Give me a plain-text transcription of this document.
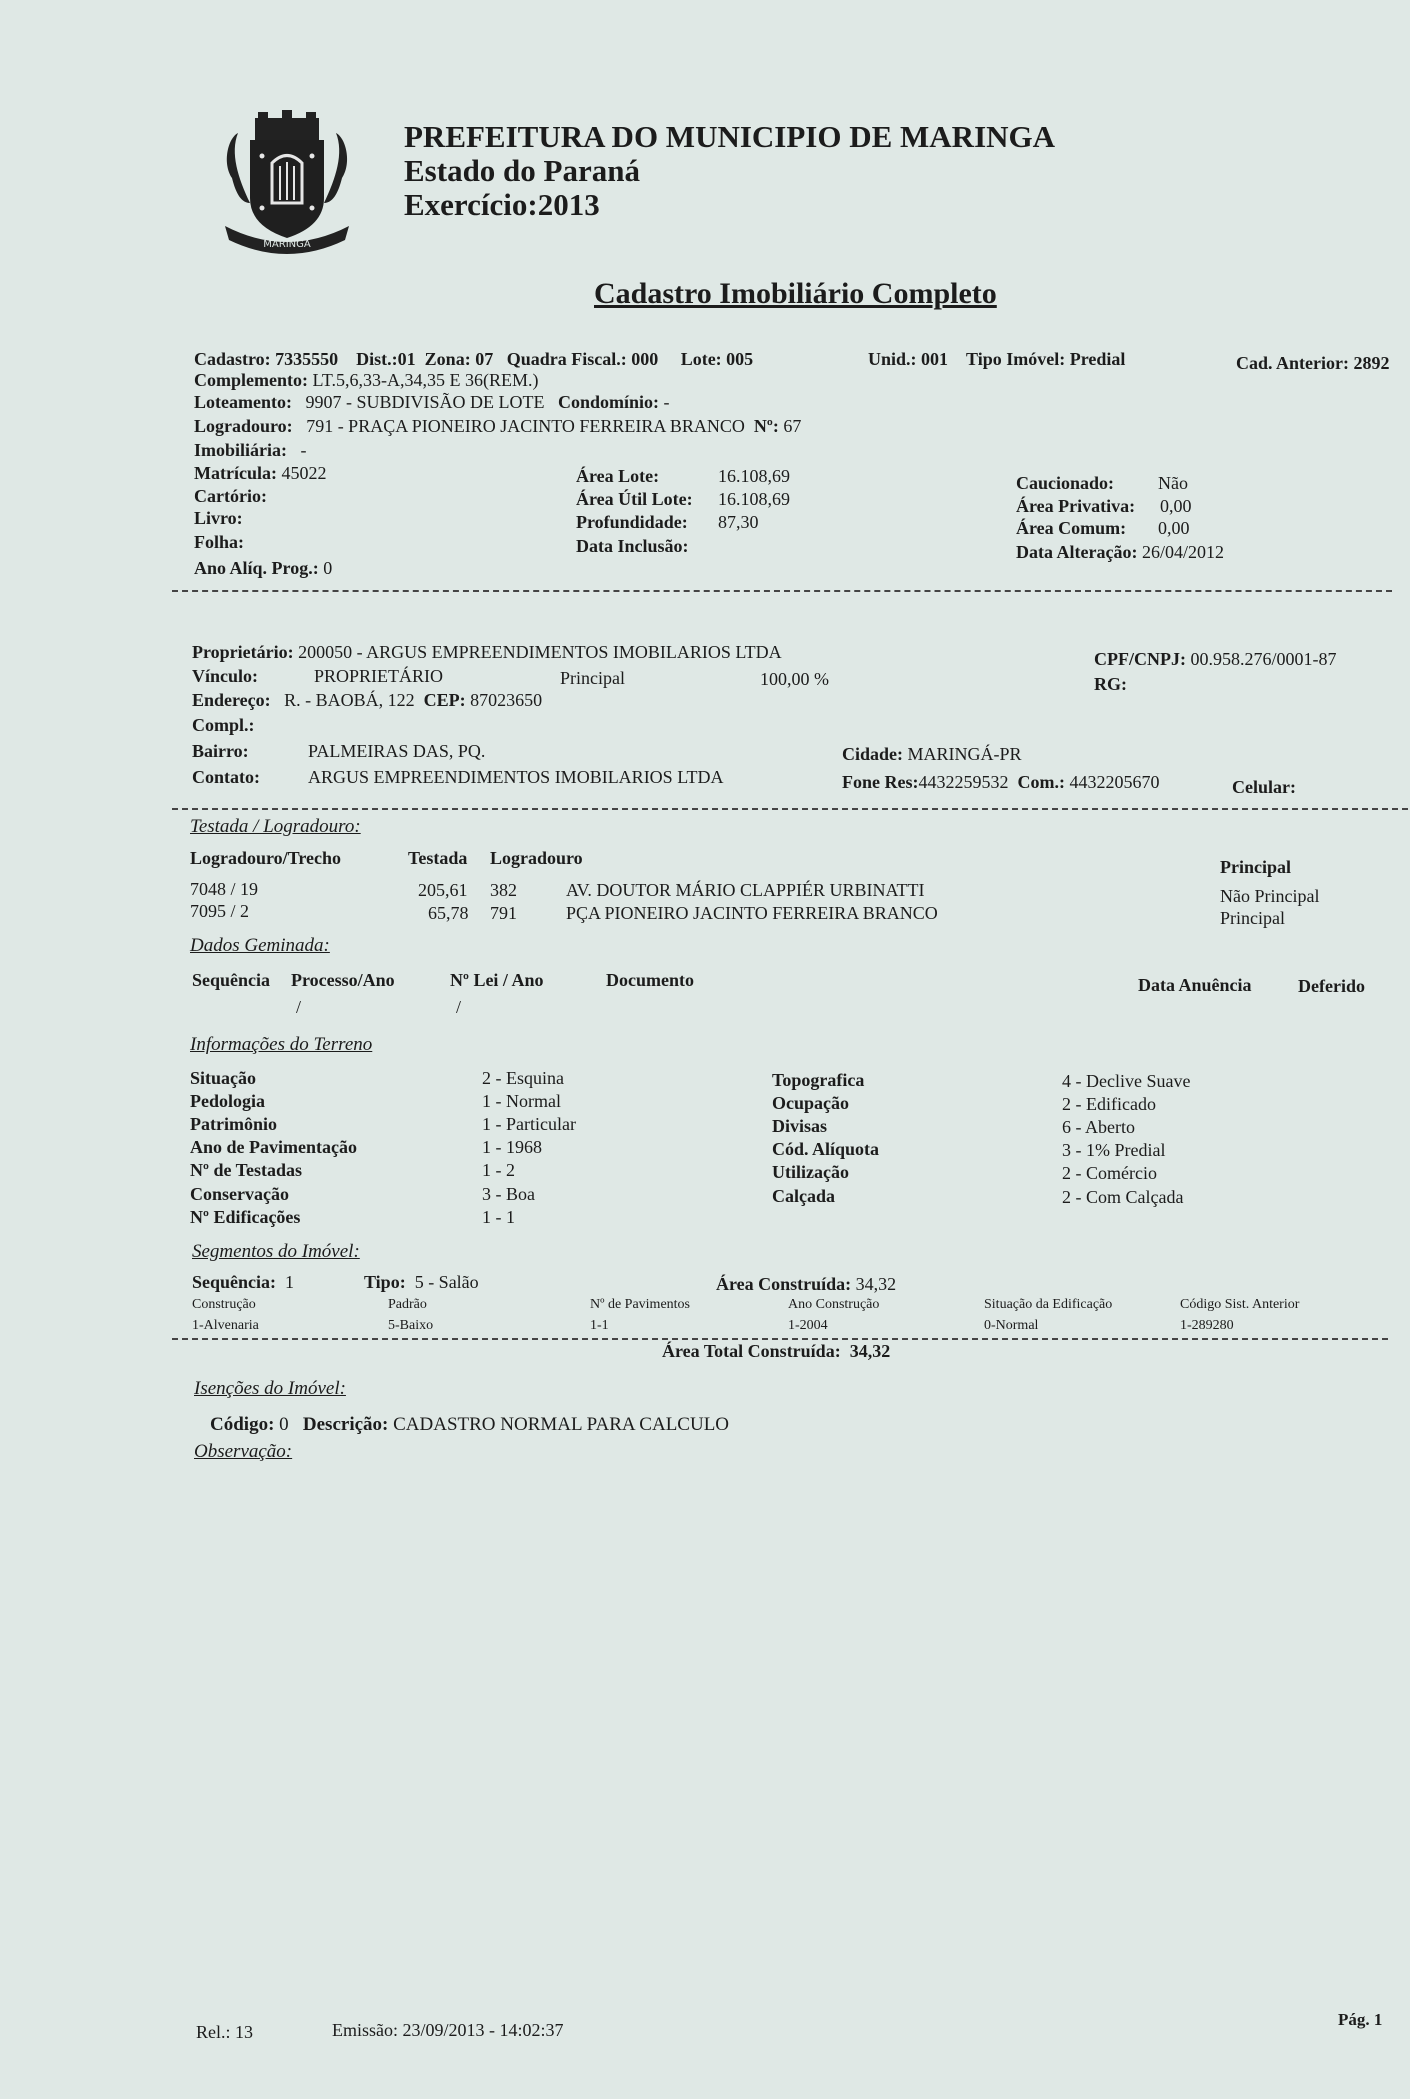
MARINGÁ
PREFEITURA DO MUNICIPIO DE MARINGA
Estado do Paraná
Exercício:2013
Cadastro Imobiliário Completo
Cadastro: 7335550 Dist.:01 Zona: 07 Quadra Fiscal.: 000 Lote: 005	Unid.: 001 Tipo Imóvel: Predial	Cad. Anterior: 2892
Complemento: LT.5,6,33-A,34,35 E 36(REM.)
Loteamento: 9907 - SUBDIVISÃO DE LOTE Condomínio: -
Logradouro: 791 - PRAÇA PIONEIRO JACINTO FERREIRA BRANCO Nº: 67
Imobiliária: -
Matrícula: 45022
Cartório:
Livro:
Folha:
Ano Alíq. Prog.: 0
Área Lote:	16.108,69
Área Útil Lote: 16.108,69
Profundidade: 87,30
Data Inclusão:
Caucionado: Não
Área Privativa: 0,00
Área Comum: 0,00
Data Alteração: 26/04/2012
Proprietário: 200050 - ARGUS EMPREENDIMENTOS IMOBILARIOS LTDA	CPF/CNPJ: 00.958.276/0001-87
Vínculo:	PROPRIETÁRIO	Principal	100,00 %	RG:
Endereço: R. - BAOBÁ, 122 CEP: 87023650
Compl.:
Bairro:	PALMEIRAS DAS, PQ.	Cidade: MARINGÁ-PR
Contato:	ARGUS EMPREENDIMENTOS IMOBILARIOS LTDA	Fone Res:4432259532 Com.: 4432205670	Celular:
Testada / Logradouro:
Logradouro/Trecho	Testada Logradouro	Principal
7048 / 19	205,61 382	AV. DOUTOR MÁRIO CLAPPIÉR URBINATTI	Não Principal
7095 / 2	65,78 791	PÇA PIONEIRO JACINTO FERREIRA BRANCO	Principal
Dados Geminada:
Sequência Processo/Ano	Nº Lei / Ano	Documento	Data Anuência	Deferido
/	/
Informações do Terreno
Situação	2 - Esquina
Pedologia	1 - Normal
Patrimônio	1 - Particular
Ano de Pavimentação	1 - 1968
Nº de Testadas	1 - 2
Conservação	3 - Boa
Nº Edificações	1 - 1
Topografica	4 - Declive Suave
Ocupação	2 - Edificado
Divisas	6 - Aberto
Cód. Alíquota	3 - 1% Predial
Utilização	2 - Comércio
Calçada	2 - Com Calçada
Segmentos do Imóvel:
Sequência: 1	Tipo: 5 - Salão	Área Construída: 34,32
Construção	Padrão	Nº de Pavimentos	Ano Construção	Situação da Edificação	Código Sist. Anterior
1-Alvenaria	5-Baixo	1-1	1-2004	0-Normal	1-289280
Área Total Construída: 34,32
Isenções do Imóvel:
Código: 0 Descrição: CADASTRO NORMAL PARA CALCULO
Observação:
Rel.: 13	Emissão: 23/09/2013 - 14:02:37
Pág. 1
